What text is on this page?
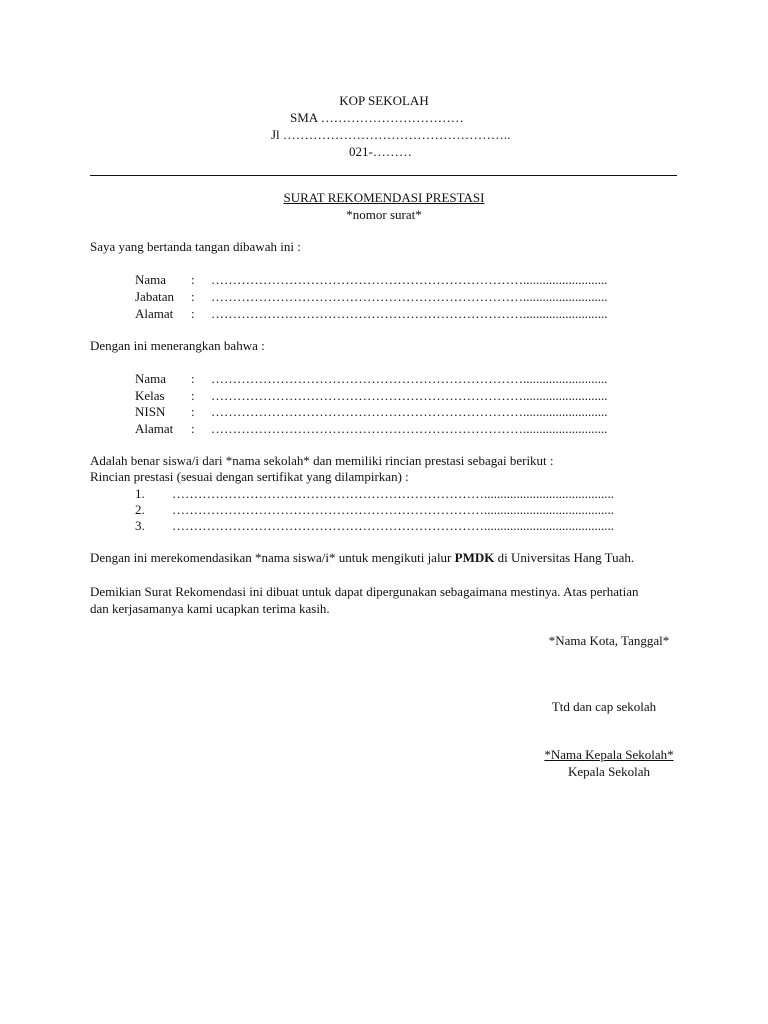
KOP SEKOLAH
SMA ……………………………
Jl ……………………………………………..
021-………
SURAT REKOMENDASI PRESTASI
*nomor surat*
Saya yang bertanda tangan dibawah ini :
Nama : ………………………………………………………………..........................
Jabatan : ………………………………………………………………..........................
Alamat : ………………………………………………………………..........................
Dengan ini menerangkan bahwa :
Nama : ………………………………………………………………..........................
Kelas : ………………………………………………………………..........................
NISN : ………………………………………………………………..........................
Alamat : ………………………………………………………………..........................
Adalah benar siswa/i dari *nama sekolah* dan memiliki rincian prestasi sebagai berikut :
Rincian prestasi (sesuai dengan sertifikat yang dilampirkan) :
1. ………………………………………………………………........................................
2. ………………………………………………………………........................................
3. ………………………………………………………………........................................
Dengan ini merekomendasikan *nama siswa/i* untuk mengikuti jalur PMDK di Universitas Hang Tuah.
Demikian Surat Rekomendasi ini dibuat untuk dapat dipergunakan sebagaimana mestinya. Atas perhatian
dan kerjasamanya kami ucapkan terima kasih.
*Nama Kota, Tanggal*
Ttd dan cap sekolah
*Nama Kepala Sekolah*
Kepala Sekolah
